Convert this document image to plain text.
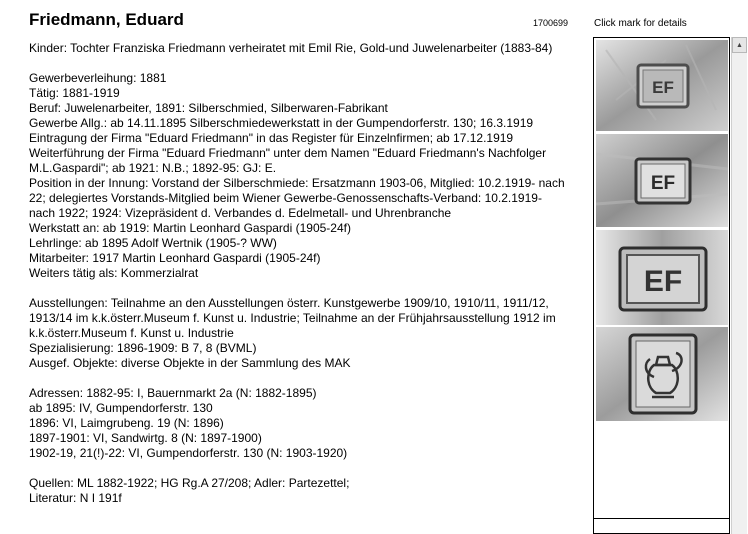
Friedmann, Eduard	1700699	Click mark for details

Kinder: Tochter Franziska Friedmann verheiratet mit Emil Rie, Gold-und Juwelenarbeiter (1883-84)

Gewerbeverleihung: 1881

Tätig: 1881-1919

Beruf: Juwelenarbeiter, 1891: Silberschmied, Silberwaren-Fabrikant

Gewerbe Allg.: ab 14.11.1895 Silberschmiedewerkstatt in der Gumpendorferstr. 130; 16.3.1919

Eintragung der Firma "Eduard Friedmann" in das Register für Einzelnfirmen; ab 17.12.1919

Weiterführung der Firma "Eduard Friedmann" unter dem Namen "Eduard Friedmann's Nachfolger

M.L.Gaspardi"; ab 1921: N.B.; 1892-95: GJ: E.

Position in der Innung: Vorstand der Silberschmiede: Ersatzmann 1903-06, Mitglied: 10.2.1919- nach

22; delegiertes Vorstands-Mitglied beim Wiener Gewerbe-Genossenschafts-Verband: 10.2.1919-

nach 1922; 1924: Vizepräsident d. Verbandes d. Edelmetall- und Uhrenbranche

Werkstatt an: ab 1919: Martin Leonhard Gaspardi (1905-24f)

Lehrlinge: ab 1895 Adolf Wertnik (1905-? WW)

Mitarbeiter: 1917 Martin Leonhard Gaspardi (1905-24f)

Weiters tätig als: Kommerzialrat

Ausstellungen: Teilnahme an den Ausstellungen österr. Kunstgewerbe 1909/10, 1910/11, 1911/12,

1913/14 im k.k.österr.Museum f. Kunst u. Industrie; Teilnahme an der Frühjahrsausstellung 1912 im

k.k.österr.Museum f. Kunst u. Industrie

Spezialisierung: 1896-1909: B 7, 8 (BVML)

Ausgef. Objekte: diverse Objekte in der Sammlung des MAK

Adressen: 1882-95: I, Bauernmarkt 2a (N: 1882-1895)

ab 1895: IV, Gumpendorferstr. 130

1896: VI, Laimgrubeng. 19 (N: 1896)

1897-1901: VI, Sandwirtg. 8 (N: 1897-1900)

1902-19, 21(!)-22: VI, Gumpendorferstr. 130 (N: 1903-1920)

Quellen: ML 1882-1922; HG Rg.A 27/208; Adler: Partezettel;

Literatur: N I 191f

EF
EF
EF
▲
